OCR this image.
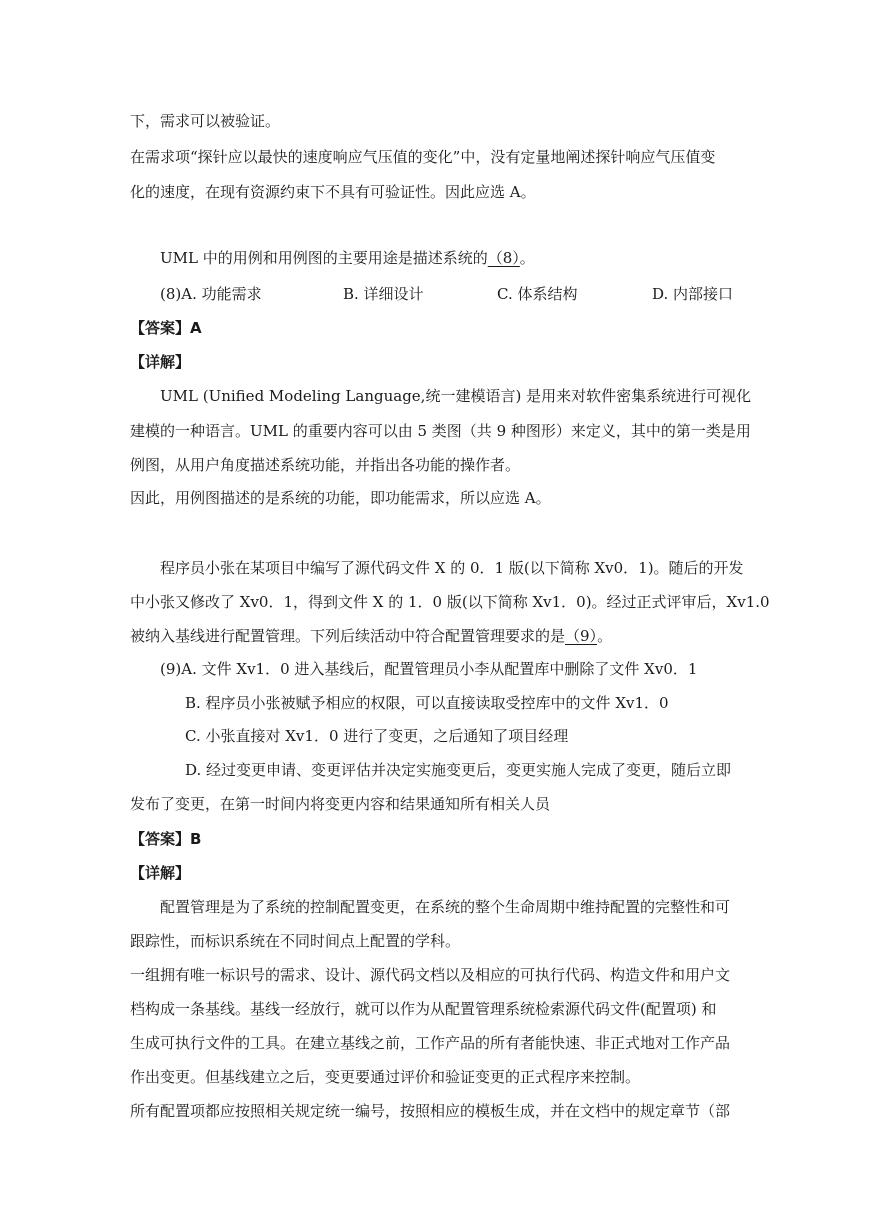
下，需求可以被验证。
在需求项“探针应以最快的速度响应气压值的变化”中，没有定量地阐述探针响应气压值变
化的速度，在现有资源约束下不具有可验证性。因此应选 A。
UML 中的用例和用例图的主要用途是描述系统的（8）。
(8)A. 功能需求	B. 详细设计	C. 体系结构	D. 内部接口
【答案】A
【详解】
UML (Unified Modeling Language,统一建模语言) 是用来对软件密集系统进行可视化
建模的一种语言。UML 的重要内容可以由 5 类图（共 9 种图形）来定义，其中的第一类是用
例图，从用户角度描述系统功能，并指出各功能的操作者。
因此，用例图描述的是系统的功能，即功能需求，所以应选 A。
程序员小张在某项目中编写了源代码文件 X 的 0．1 版(以下简称 Xv0．1)。随后的开发
中小张又修改了 Xv0．1，得到文件 X 的 1．0 版(以下简称 Xv1．0)。经过正式评审后，Xv1.0
被纳入基线进行配置管理。下列后续活动中符合配置管理要求的是（9）。
(9)A. 文件 Xv1．0 进入基线后，配置管理员小李从配置库中删除了文件 Xv0．1
B. 程序员小张被赋予相应的权限，可以直接读取受控库中的文件 Xv1．0
C. 小张直接对 Xv1．0 进行了变更，之后通知了项目经理
D. 经过变更申请、变更评估并决定实施变更后，变更实施人完成了变更，随后立即
发布了变更，在第一时间内将变更内容和结果通知所有相关人员
【答案】B
【详解】
配置管理是为了系统的控制配置变更，在系统的整个生命周期中维持配置的完整性和可
跟踪性，而标识系统在不同时间点上配置的学科。
一组拥有唯一标识号的需求、设计、源代码文档以及相应的可执行代码、构造文件和用户文
档构成一条基线。基线一经放行，就可以作为从配置管理系统检索源代码文件(配置项) 和
生成可执行文件的工具。在建立基线之前，工作产品的所有者能快速、非正式地对工作产品
作出变更。但基线建立之后，变更要通过评价和验证变更的正式程序来控制。
所有配置项都应按照相关规定统一编号，按照相应的模板生成，并在文档中的规定章节（部
